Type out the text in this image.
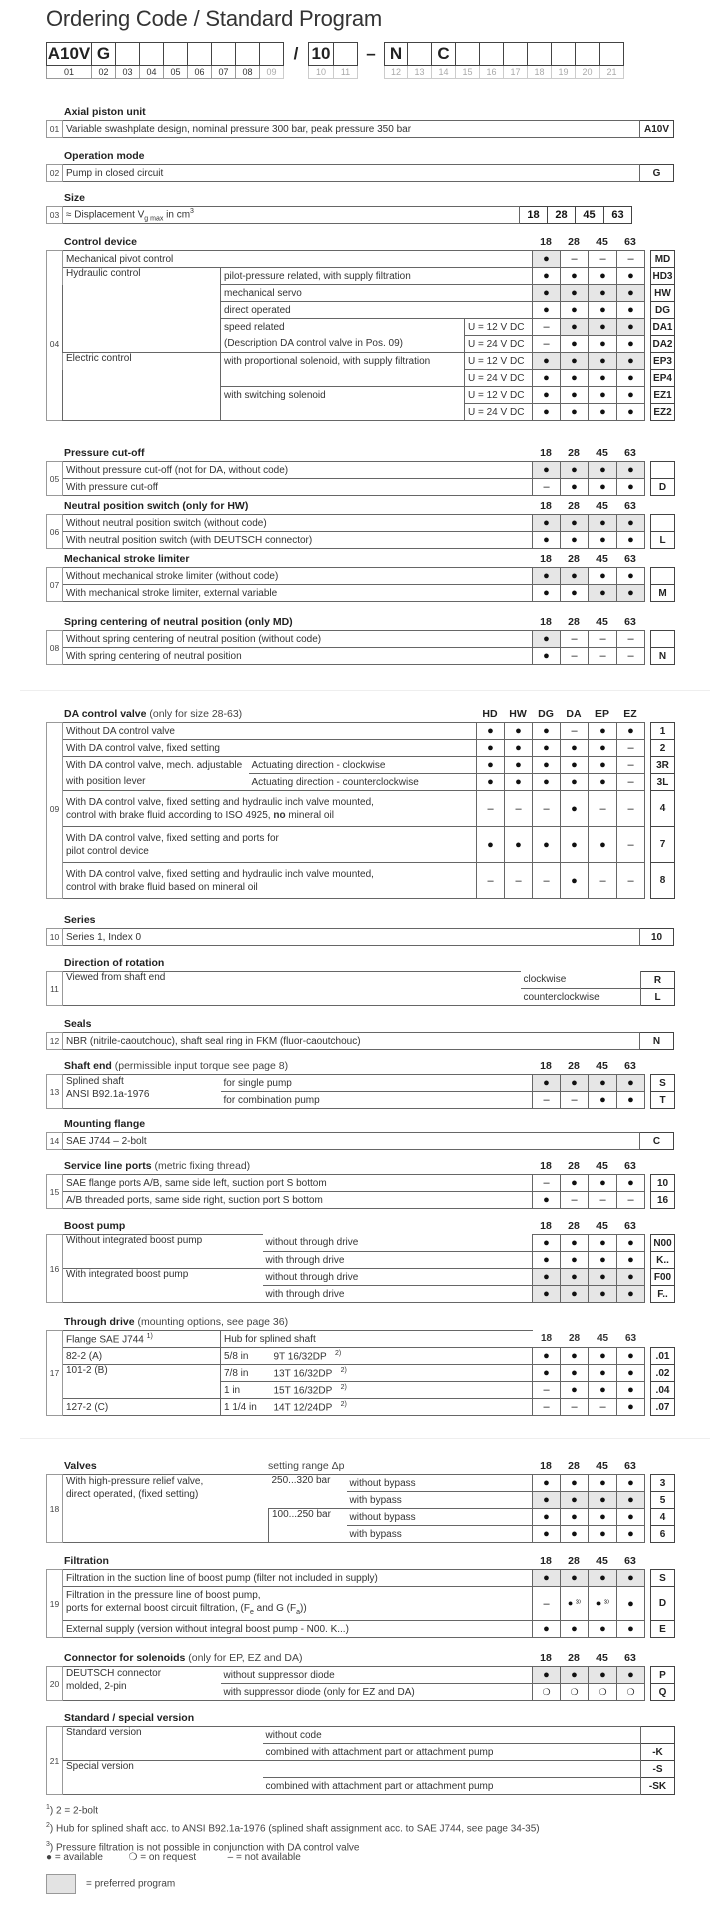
Ordering Code / Standard Program
A10V G	/ 10	– N	C
01	02	03	04	05	06	07	08	09	10	11	12	13	14	15	16	17	18	19	20	21
Axial piston unit
01	Variable swashplate design, nominal pressure 300 bar, peak pressure 350 bar	A10V
Operation mode
02	Pump in closed circuit	G
Size
03	≈ Displacement $V_{g max}$ in $cm^3$	18	28	45	63
Control device	18	28	45	63
	Mechanical pivot control			●	–	–	–		MD
	Hydraulic control	pilot-pressure related, with supply filtration		●	●	●	●		HD3
		mechanical servo		●	●	●	●		HW
		direct operated		●	●	●	●		DG
		speed related	U = 12 V DC	–	●	●	●		DA1
04		(Description DA control valve in Pos. 09)	U = 24 V DC	–	●	●	●		DA2
	Electric control	with proportional solenoid, with supply filtration	U = 12 V DC	●	●	●	●		EP3
			U = 24 V DC	●	●	●	●		EP4
		with switching solenoid	U = 12 V DC	●	●	●	●		EZ1
			U = 24 V DC	●	●	●	●		EZ2
Pressure cut-off	18	28	45	63
05	Without pressure cut-off (not for DA, without code)	●	●	●	●		
	With pressure cut-off	–	●	●	●		D
Neutral position switch (only for HW)	18	28	45	63
06	Without neutral position switch (without code)	●	●	●	●		
	With neutral position switch (with DEUTSCH connector)	●	●	●	●		L
Mechanical stroke limiter	18	28	45	63
07	Without mechanical stroke limiter (without code)	●	●	●	●		
	With mechanical stroke limiter, external variable	●	●	●	●		M
Spring centering of neutral position (only MD)	18	28	45	63
08	Without spring centering of neutral position (without code)	●	–	–	–		
	With spring centering of neutral position	●	–	–	–		N
DA control valve (only for size 28-63)	HD	HW	DG	DA	EP	EZ
	Without DA control valve		●	●	●	–	●	●		1
	With DA control valve, fixed setting		●	●	●	●	●	–		2
	With DA control valve, mech. adjustable	Actuating direction - clockwise	●	●	●	●	●	–		3R
	with position lever	Actuating direction - counterclockwise	●	●	●	●	●	–		3L
09	With DA control valve, fixed setting and hydraulic inch valve mounted,
control with brake fluid according to ISO 4925, no mineral oil		–	–	–	●	–	–		4
	With DA control valve, fixed setting and ports for
pilot control device		●	●	●	●	●	–		7
	With DA control valve, fixed setting and hydraulic inch valve mounted,
control with brake fluid based on mineral oil		–	–	–	●	–	–		8
Series
10	Series 1, Index 0	10
Direction of rotation
11	Viewed from shaft end	clockwise	R
		counterclockwise	L
Seals
12	NBR (nitrile-caoutchouc), shaft seal ring in FKM (fluor-caoutchouc)	N
Shaft end (permissible input torque see page 8)	18	28	45	63
13	Splined shaft
ANSI B92.1a-1976	for single pump	●	●	●	●		S
		for combination pump	–	–	●	●		T
Mounting flange
14	SAE J744 – 2-bolt	C
Service line ports (metric fixing thread)	18	28	45	63
15	SAE flange ports A/B, same side left, suction port S bottom	–	●	●	●		10
	A/B threaded ports, same side right, suction port S bottom	●	–	–	–		16
Boost pump	18	28	45	63
16	Without integrated boost pump	without through drive	●	●	●	●		N00
		with through drive	●	●	●	●		K..
	With integrated boost pump	without through drive	●	●	●	●		F00
		with through drive	●	●	●	●		F..
Through drive (mounting options, see page 36)
17	Flange SAE J744 $^{1)}$	Hub for splined shaft		18	28	45	63		
	82-2 (A)	5/8 in	9T 16/32DP $^{2)}$	●	●	●	●		.01
	101-2 (B)	7/8 in	13T 16/32DP $^{2)}$	●	●	●	●		.02
		1 in	15T 16/32DP $^{2)}$	–	●	●	●		.04
	127-2 (C)	1 1/4 in	14T 12/24DP $^{2)}$	–	–	–	●		.07
Valves	setting range Δp	18	28	45	63
18	With high-pressure relief valve,
direct operated, (fixed setting)	250...320 bar	without bypass	●	●	●	●		3
			with bypass	●	●	●	●		5
		100...250 bar	without bypass	●	●	●	●		4
			with bypass	●	●	●	●		6
Filtration	18	28	45	63
19	Filtration in the suction line of boost pump (filter not included in supply)	●	●	●	●		S
	Filtration in the pressure line of boost pump,
ports for external boost circuit filtration, ($F_e$ and G $(F_a)$)	–	● ³⁾	● ³⁾	●		D
	External supply (version without integral boost pump - N00. K...)	●	●	●	●		E
Connector for solenoids (only for EP, EZ and DA)	18	28	45	63
20	DEUTSCH connector
molded, 2-pin	without suppressor diode	●	●	●	●		P
		with suppressor diode (only for EZ and DA)	❍	❍	❍	❍		Q
Standard / special version
21	Standard version	without code	
		combined with attachment part or attachment pump	-K
	Special version		-S
		combined with attachment part or attachment pump	-SK
$^1$) 2 = 2-bolt
$^2$) Hub for splined shaft acc. to ANSI B92.1a-1976 (splined shaft assignment acc. to SAE J744, see page 34-35)
$^3$) Pressure filtration is not possible in conjunction with DA control valve
● = available	❍ = on request	– = not available
= preferred program
